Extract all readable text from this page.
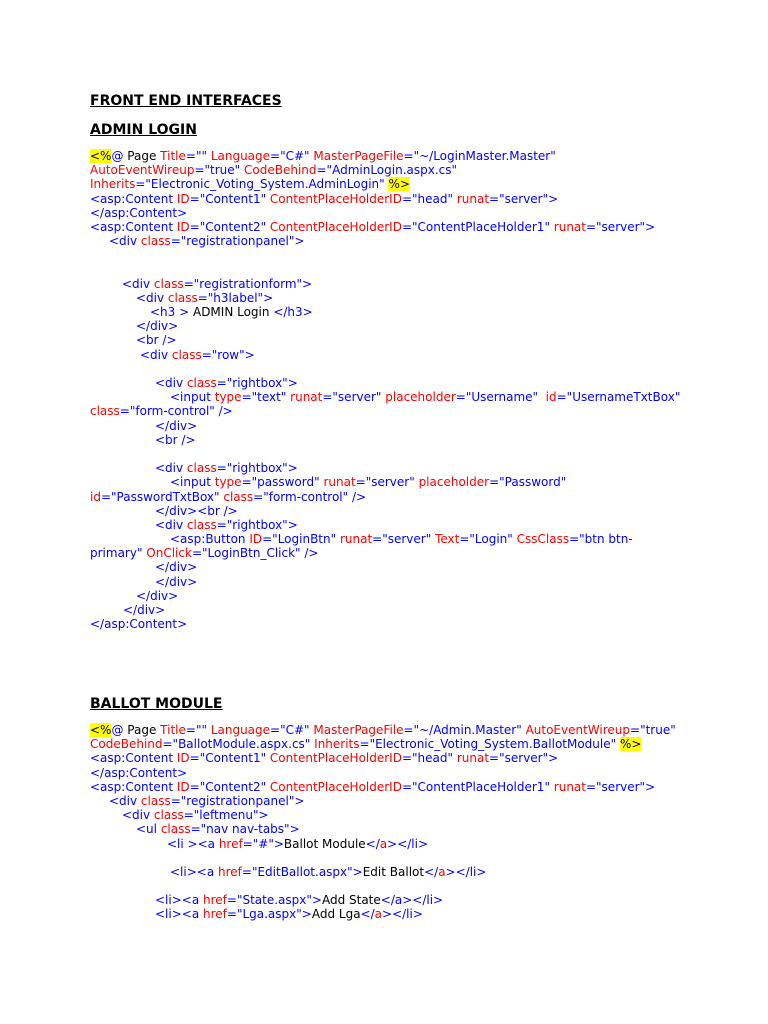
FRONT END INTERFACES
ADMIN LOGIN
<%@ Page Title="" Language="C#" MasterPageFile="~/LoginMaster.Master"
AutoEventWireup="true" CodeBehind="AdminLogin.aspx.cs"
Inherits="Electronic_Voting_System.AdminLogin" %>
<asp:Content ID="Content1" ContentPlaceHolderID="head" runat="server">
</asp:Content>
<asp:Content ID="Content2" ContentPlaceHolderID="ContentPlaceHolder1" runat="server">
<div class="registrationpanel">
<div class="registrationform">
<div class="h3label">
<h3 > ADMIN Login </h3>
</div>
<br />
<div class="row">
<div class="rightbox">
<input type="text" runat="server" placeholder="Username"  id="UsernameTxtBox"
class="form-control" />
</div>
<br />
<div class="rightbox">
<input type="password" runat="server" placeholder="Password"
id="PasswordTxtBox" class="form-control" />
</div><br />
<div class="rightbox">
<asp:Button ID="LoginBtn" runat="server" Text="Login" CssClass="btn btn-
primary" OnClick="LoginBtn_Click" />
</div>
</div>
</div>
</div>
</asp:Content>
BALLOT MODULE
<%@ Page Title="" Language="C#" MasterPageFile="~/Admin.Master" AutoEventWireup="true"
CodeBehind="BallotModule.aspx.cs" Inherits="Electronic_Voting_System.BallotModule" %>
<asp:Content ID="Content1" ContentPlaceHolderID="head" runat="server">
</asp:Content>
<asp:Content ID="Content2" ContentPlaceHolderID="ContentPlaceHolder1" runat="server">
<div class="registrationpanel">
<div class="leftmenu">
<ul class="nav nav-tabs">
<li ><a href="#">Ballot Module</a></li>
<li><a href="EditBallot.aspx">Edit Ballot</a></li>
<li><a href="State.aspx">Add State</a></li>
<li><a href="Lga.aspx">Add Lga</a></li>
